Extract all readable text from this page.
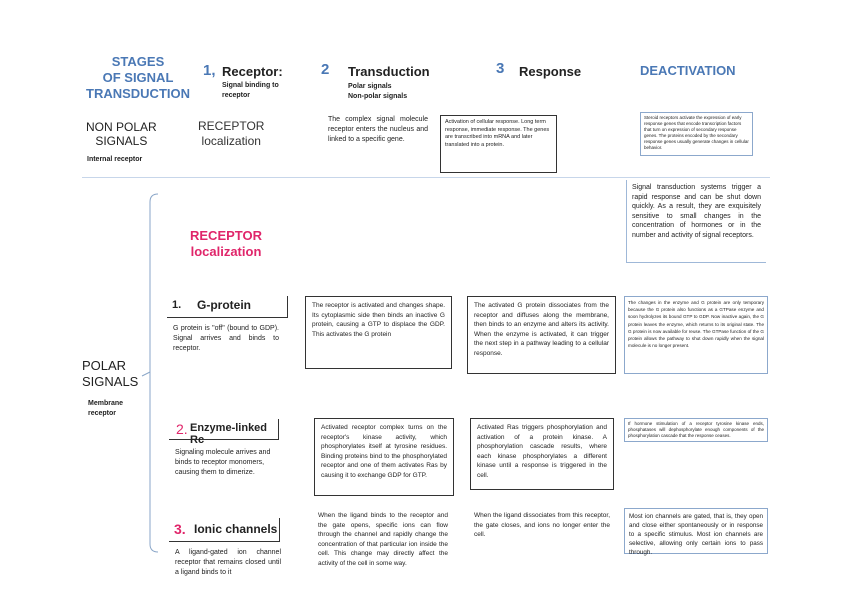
STAGES
OF SIGNAL
TRANSDUCTION
1, Receptor:
Signal binding to
receptor
2 Transduction
Polar signals
Non-polar signals
3 Response	DEACTIVATION
NON POLAR
SIGNALS
Internal receptor
RECEPTOR
localization
The complex signal molecule receptor enters the nucleus and linked to a specific gene.
Activation of cellular response. Long term response, immediate response. The genes are transcribed into mRNA and later translated into a protein.
Steroid receptors activate the expression of early response genes that encode transcription factors that turn on expression of secondary response genes. The proteins encoded by the secondary response genes usually generate changes in cellular behavior.
POLAR
SIGNALS
Membrane
receptor
RECEPTOR
localization
Signal transduction systems trigger a rapid response and can be shut down quickly. As a result, they are exquisitely sensitive to small changes in the concentration of hormones or in the number and activity of signal receptors.
1. G-protein
G protein is "off" (bound to GDP). Signal arrives and binds to receptor.
The receptor is activated and changes shape. Its cytoplasmic side then binds an inactive G protein, causing a GTP to displace the GDP. This activates the G protein
The activated G protein dissociates from the receptor and diffuses along the membrane, then binds to an enzyme and alters its activity. When the enzyme is activated, it can trigger the next step in a pathway leading to a cellular response.
The changes in the enzyme and G protein are only temporary because the G protein also functions as a GTPase enzyme and soon hydrolyzes its bound GTP to GDP. Now inactive again, the G protein leaves the enzyme, which returns to its original state. The G protein is now available for reuse. The GTPase function of the G protein allows the pathway to shut down rapidly when the signal molecule is no longer present.
2. Enzyme-linked Rc
Signaling molecule arrives and binds to receptor monomers, causing them to dimerize.
Activated receptor complex turns on the receptor's kinase activity, which phosphorylates itself at tyrosine residues. Binding proteins bind to the phosphorylated receptor and one of them activates Ras by causing it to exchange GDP for GTP.
Activated Ras triggers phosphorylation and activation of a protein kinase. A phosphorylation cascade results, where each kinase phosphorylates a different kinase until a response is triggered in the cell.
If hormone stimulation of a receptor tyrosine kinase ends, phosphatases will dephosphorylate enough components of the phosphorylation cascade that the response ceases.
3. Ionic channels
A ligand-gated ion channel receptor that remains closed until a ligand binds to it
When the ligand binds to the receptor and the gate opens, specific ions can flow through the channel and rapidly change the concentration of that particular ion inside the cell. This change may directly affect the activity of the cell in some way.
When the ligand dissociates from this receptor, the gate closes, and ions no longer enter the cell.
Most ion channels are gated, that is, they open and close either spontaneously or in response to a specific stimulus. Most ion channels are selective, allowing only certain ions to pass through.
